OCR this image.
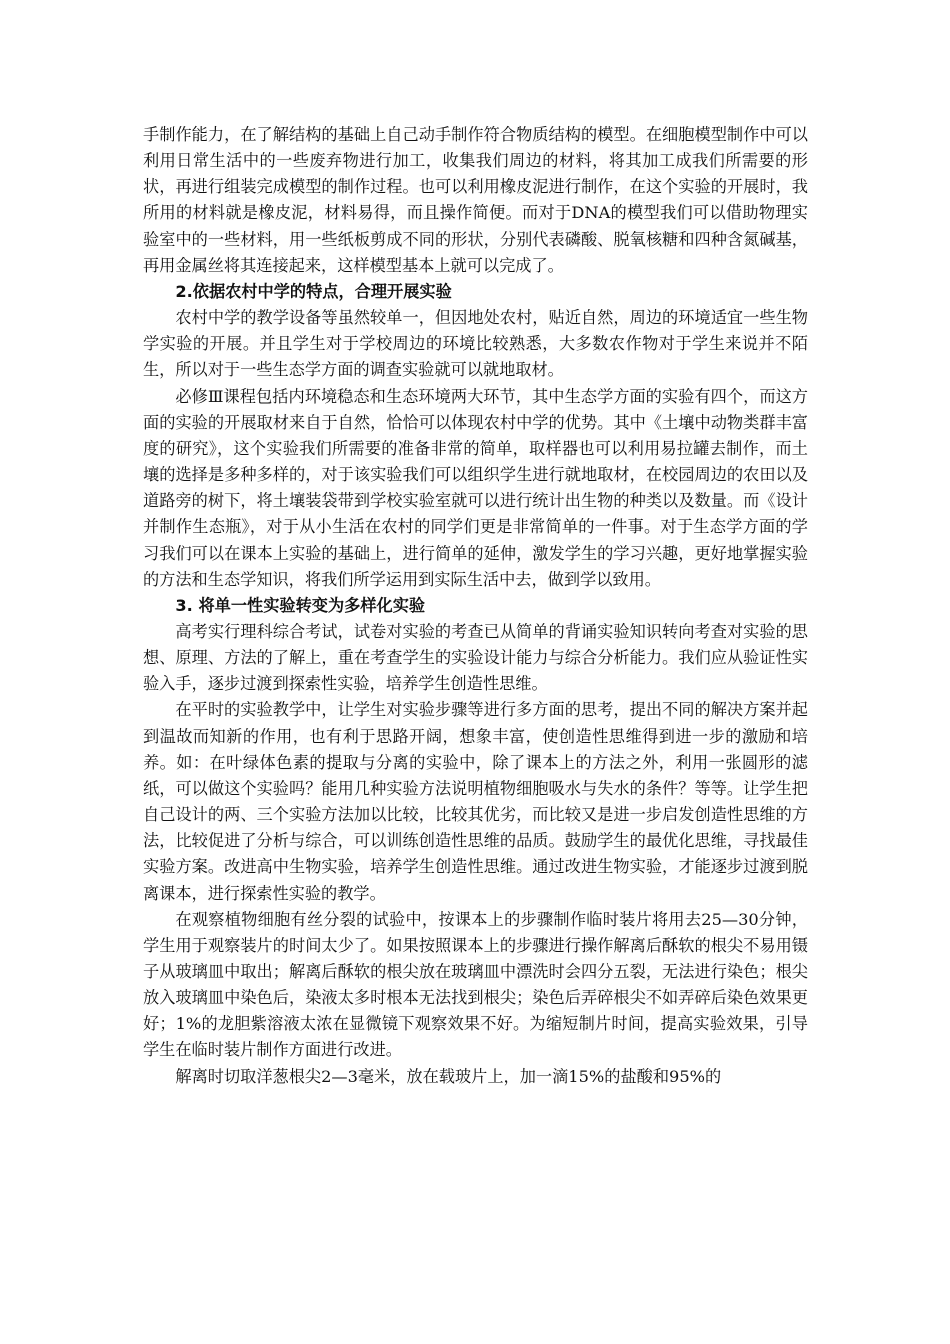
手制作能力，在了解结构的基础上自己动手制作符合物质结构的模型。在细胞模型制作中可以利用日常生活中的一些废弃物进行加工，收集我们周边的材料，将其加工成我们所需要的形状，再进行组装完成模型的制作过程。也可以利用橡皮泥进行制作，在这个实验的开展时，我所用的材料就是橡皮泥，材料易得，而且操作简便。而对于DNA的模型我们可以借助物理实验室中的一些材料，用一些纸板剪成不同的形状，分别代表磷酸、脱氧核糖和四种含氮碱基，再用金属丝将其连接起来，这样模型基本上就可以完成了。

2.依据农村中学的特点，合理开展实验

农村中学的教学设备等虽然较单一，但因地处农村，贴近自然，周边的环境适宜一些生物学实验的开展。并且学生对于学校周边的环境比较熟悉，大多数农作物对于学生来说并不陌生，所以对于一些生态学方面的调查实验就可以就地取材。

必修Ⅲ课程包括内环境稳态和生态环境两大环节，其中生态学方面的实验有四个，而这方面的实验的开展取材来自于自然，恰恰可以体现农村中学的优势。其中《土壤中动物类群丰富度的研究》，这个实验我们所需要的准备非常的简单，取样器也可以利用易拉罐去制作，而土壤的选择是多种多样的，对于该实验我们可以组织学生进行就地取材，在校园周边的农田以及道路旁的树下，将土壤装袋带到学校实验室就可以进行统计出生物的种类以及数量。而《设计并制作生态瓶》，对于从小生活在农村的同学们更是非常简单的一件事。对于生态学方面的学习我们可以在课本上实验的基础上，进行简单的延伸，激发学生的学习兴趣，更好地掌握实验的方法和生态学知识，将我们所学运用到实际生活中去，做到学以致用。

3. 将单一性实验转变为多样化实验

高考实行理科综合考试，试卷对实验的考查已从简单的背诵实验知识转向考查对实验的思想、原理、方法的了解上，重在考查学生的实验设计能力与综合分析能力。我们应从验证性实验入手，逐步过渡到探索性实验，培养学生创造性思维。

在平时的实验教学中，让学生对实验步骤等进行多方面的思考，提出不同的解决方案并起到温故而知新的作用，也有利于思路开阔，想象丰富，使创造性思维得到进一步的激励和培养。如：在叶绿体色素的提取与分离的实验中，除了课本上的方法之外，利用一张圆形的滤纸，可以做这个实验吗？能用几种实验方法说明植物细胞吸水与失水的条件？等等。让学生把自己设计的两、三个实验方法加以比较，比较其优劣，而比较又是进一步启发创造性思维的方法，比较促进了分析与综合，可以训练创造性思维的品质。鼓励学生的最优化思维，寻找最佳实验方案。改进高中生物实验，培养学生创造性思维。通过改进生物实验，才能逐步过渡到脱离课本，进行探索性实验的教学。

在观察植物细胞有丝分裂的试验中，按课本上的步骤制作临时装片将用去25—30分钟，学生用于观察装片的时间太少了。如果按照课本上的步骤进行操作解离后酥软的根尖不易用镊子从玻璃皿中取出；解离后酥软的根尖放在玻璃皿中漂洗时会四分五裂，无法进行染色；根尖放入玻璃皿中染色后，染液太多时根本无法找到根尖；染色后弄碎根尖不如弄碎后染色效果更好；1%的龙胆紫溶液太浓在显微镜下观察效果不好。为缩短制片时间，提高实验效果，引导学生在临时装片制作方面进行改进。

解离时切取洋葱根尖2—3毫米，放在载玻片上，加一滴15%的盐酸和95%的
